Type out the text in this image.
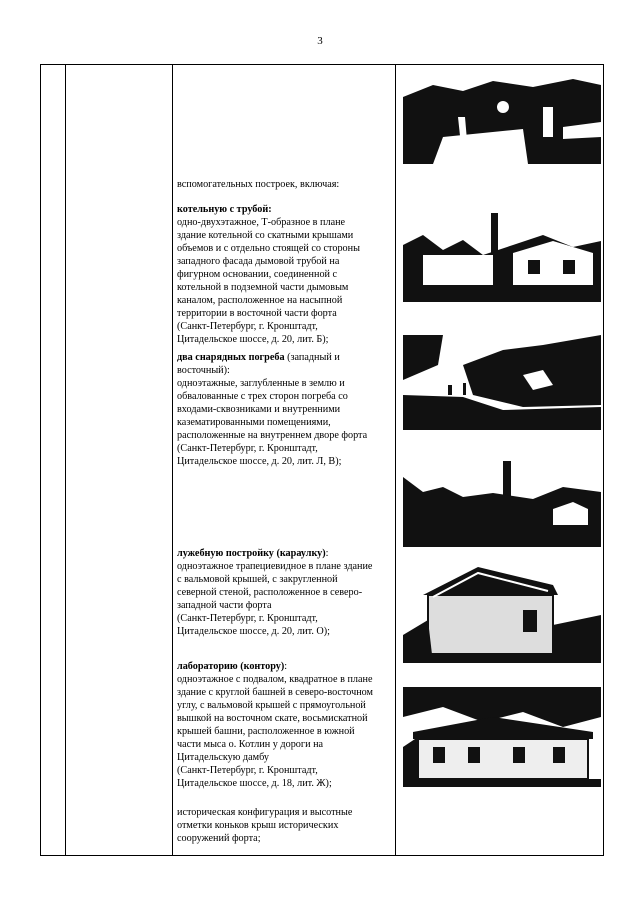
3

вспомогательных построек, включая:

котельную с трубой:

одно-двухэтажное, Т-образное в плане

здание котельной со скатными крышами

объемов и с отдельно стоящей со стороны

западного фасада дымовой трубой на

фигурном основании, соединенной с

котельной в подземной части дымовым

каналом, расположенное на насыпной

территории в восточной части форта

(Санкт-Петербург, г. Кронштадт,

Цитадельское шоссе, д. 20, лит. Б);

два снарядных погреба (западный и

восточный):

одноэтажные, заглубленные в землю и

обвалованные с трех сторон погреба со

входами-сквозниками и внутренними

казематированными помещениями,

расположенные на внутреннем дворе форта

(Санкт-Петербург, г. Кронштадт,

Цитадельское шоссе, д. 20, лит. Л, В);

лужебную постройку (караулку):

одноэтажное трапециевидное в плане здание

с вальмовой крышей, с закругленной

северной стеной, расположенное в северо-

западной части форта

(Санкт-Петербург, г. Кронштадт,

Цитадельское шоссе, д. 20, лит. О);

лабораторию (контору):

одноэтажное с подвалом, квадратное в плане

здание с круглой башней в северо-восточном

углу, с вальмовой крышей с прямоугольной

вышкой на восточном скате, восьмискатной

крышей башни, расположенное в южной

части мыса о. Котлин у дороги на

Цитадельскую дамбу

(Санкт-Петербург, г. Кронштадт,

Цитадельское шоссе, д. 18, лит. Ж);

историческая конфигурация и высотные

отметки коньков крыш исторических

сооружений форта;
